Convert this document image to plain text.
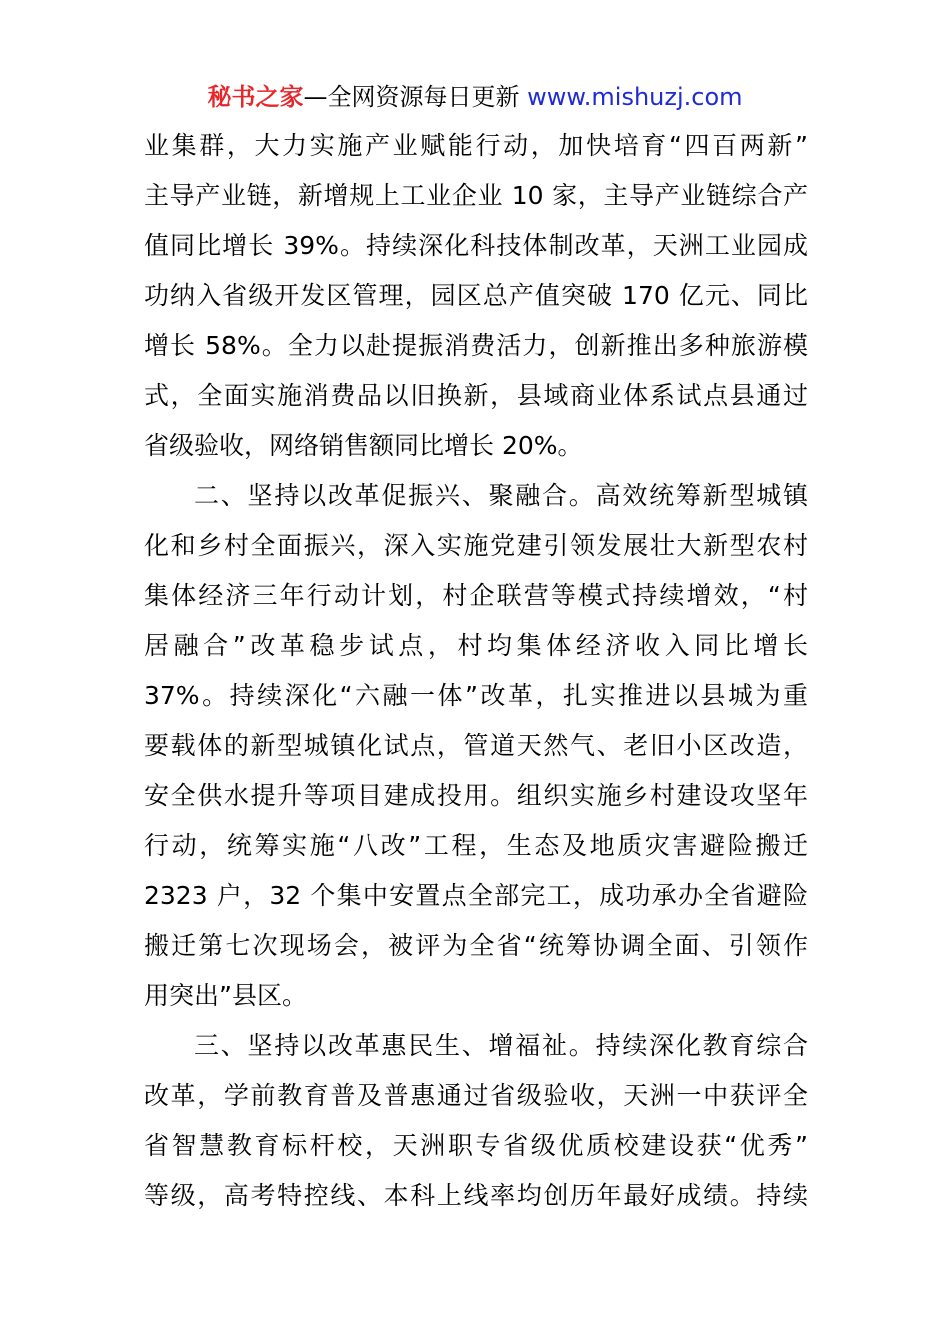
秘书之家—全网资源每日更新 www.mishuzj.com
业集群，大力实施产业赋能行动，加快培育“四百两新”
主导产业链，新增规上工业企业 10 家，主导产业链综合产
值同比增长 39%。持续深化科技体制改革，天洲工业园成
功纳入省级开发区管理，园区总产值突破 170 亿元、同比
增长 58%。全力以赴提振消费活力，创新推出多种旅游模
式，全面实施消费品以旧换新，县域商业体系试点县通过
省级验收，网络销售额同比增长 20%。
二、坚持以改革促振兴、聚融合。高效统筹新型城镇
化和乡村全面振兴，深入实施党建引领发展壮大新型农村
集体经济三年行动计划，村企联营等模式持续增效，“村
居融合”改革稳步试点，村均集体经济收入同比增长
37%。持续深化“六融一体”改革，扎实推进以县城为重
要载体的新型城镇化试点，管道天然气、老旧小区改造，
安全供水提升等项目建成投用。组织实施乡村建设攻坚年
行动，统筹实施“八改”工程，生态及地质灾害避险搬迁
2323 户，32 个集中安置点全部完工，成功承办全省避险
搬迁第七次现场会，被评为全省“统筹协调全面、引领作
用突出”县区。
三、坚持以改革惠民生、增福祉。持续深化教育综合
改革，学前教育普及普惠通过省级验收，天洲一中获评全
省智慧教育标杆校，天洲职专省级优质校建设获“优秀”
等级，高考特控线、本科上线率均创历年最好成绩。持续
